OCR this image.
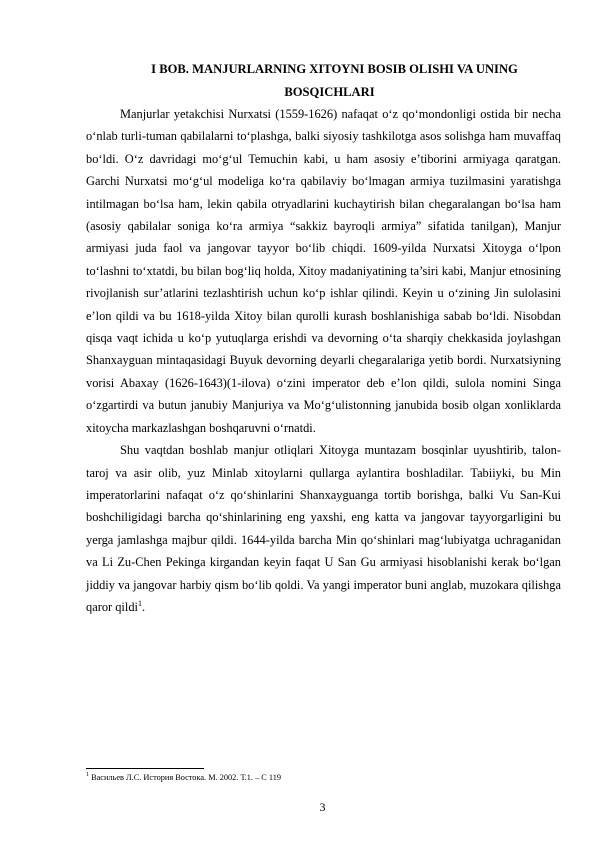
I BOB. MANJURLARNING XITOYNI BOSIB OLISHI VA UNING
BOSQICHLARI

Manjurlar yetakchisi Nurxatsi (1559-1626) nafaqat o‘z qo‘mondonligi ostida bir necha o‘nlab turli-tuman qabilalarni to‘plashga, balki siyosiy tashkilotga asos solishga ham muvaffaq bo‘ldi. O‘z davridagi mo‘g‘ul Temuchin kabi, u ham asosiy e’tiborini armiyaga qaratgan. Garchi Nurxatsi mo‘g‘ul modeliga ko‘ra qabilaviy bo‘lmagan armiya tuzilmasini yaratishga intilmagan bo‘lsa ham, lekin qabila otryadlarini kuchaytirish bilan chegaralangan bo‘lsa ham (asosiy qabilalar soniga ko‘ra armiya “sakkiz bayroqli armiya” sifatida tanilgan), Manjur armiyasi juda faol va jangovar tayyor bo‘lib chiqdi. 1609-yilda Nurxatsi Xitoyga o‘lpon to‘lashni to‘xtatdi, bu bilan bog‘liq holda, Xitoy madaniyatining ta’siri kabi, Manjur etnosining rivojlanish sur’atlarini tezlashtirish uchun ko‘p ishlar qilindi. Keyin u o‘zining Jin sulolasini e’lon qildi va bu 1618-yilda Xitoy bilan qurolli kurash boshlanishiga sabab bo‘ldi. Nisobdan qisqa vaqt ichida u ko‘p yutuqlarga erishdi va devorning o‘ta sharqiy chekkasida joylashgan Shanxayguan mintaqasidagi Buyuk devorning deyarli chegaralariga yetib bordi. Nurxatsiyning vorisi Abaxay (1626-1643)(1-ilova) o‘zini imperator deb e’lon qildi, sulola nomini Singa o‘zgartirdi va butun janubiy Manjuriya va Mo‘g‘ulistonning janubida bosib olgan xonliklarda xitoycha markazlashgan boshqaruvni o‘rnatdi.

Shu vaqtdan boshlab manjur otliqlari Xitoyga muntazam bosqinlar uyushtirib, talon-taroj va asir olib, yuz Minlab xitoylarni qullarga aylantira boshladilar. Tabiiyki, bu Min imperatorlarini nafaqat o‘z qo‘shinlarini Shanxayguanga tortib borishga, balki Vu San-Kui boshchiligidagi barcha qo‘shinlarining eng yaxshi, eng katta va jangovar tayyorgarligini bu yerga jamlashga majbur qildi. 1644-yilda barcha Min qo‘shinlari mag‘lubiyatga uchraganidan va Li Zu-Chen Pekinga kirgandan keyin faqat U San Gu armiyasi hisoblanishi kerak bo‘lgan jiddiy va jangovar harbiy qism bo‘lib qoldi. Va yangi imperator buni anglab, muzokara qilishga qaror qildi$^1$.

$^1$ Васильев Л.С. История Востока. М. 2002. Т.1. – С 119
3
